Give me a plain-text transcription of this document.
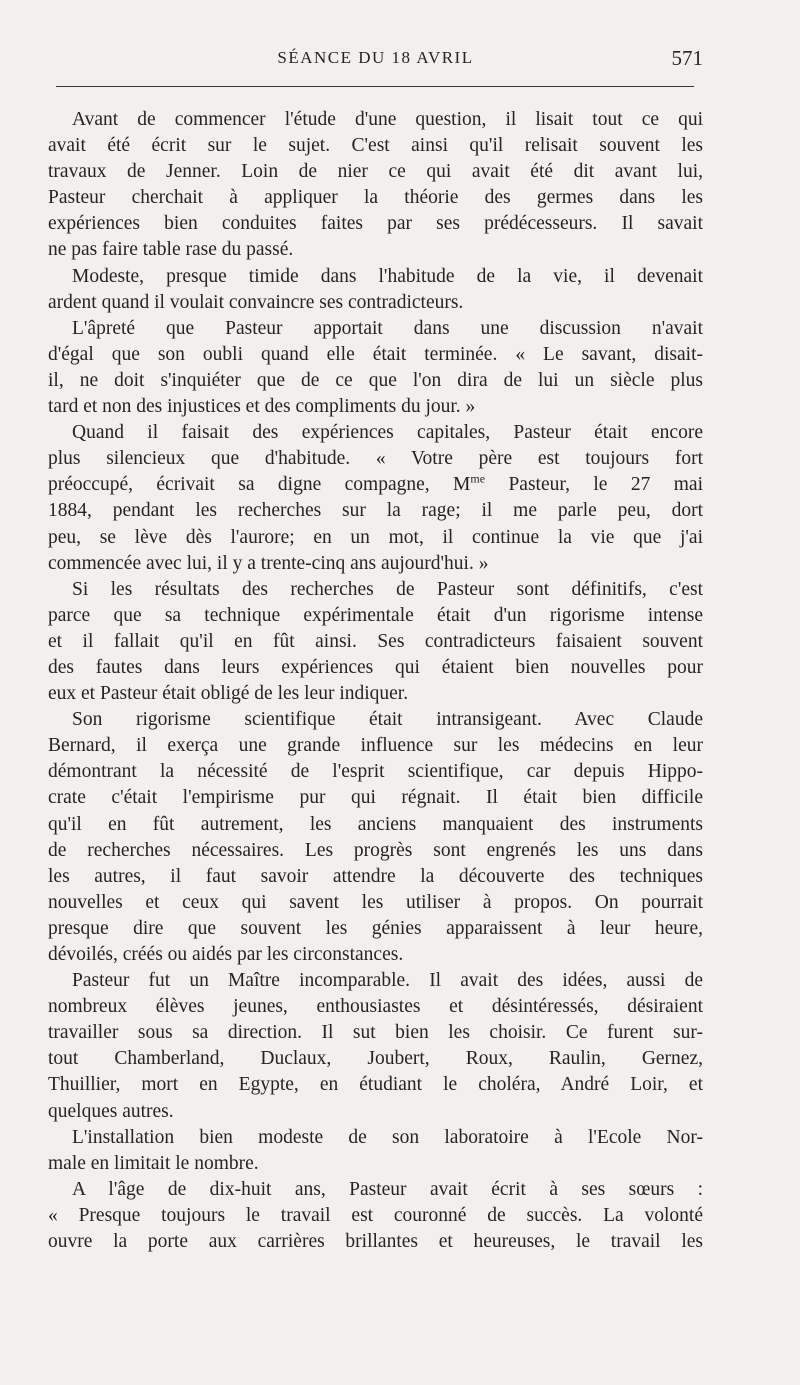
SÉANCE DU 18 AVRIL	571
Avant de commencer l'étude d'une question, il lisait tout ce qui
avait été écrit sur le sujet. C'est ainsi qu'il relisait souvent les
travaux de Jenner. Loin de nier ce qui avait été dit avant lui,
Pasteur cherchait à appliquer la théorie des germes dans les
expériences bien conduites faites par ses prédécesseurs. Il savait
ne pas faire table rase du passé.
Modeste, presque timide dans l'habitude de la vie, il devenait
ardent quand il voulait convaincre ses contradicteurs.
L'âpreté que Pasteur apportait dans une discussion n'avait
d'égal que son oubli quand elle était terminée. « Le savant, disait-
il, ne doit s'inquiéter que de ce que l'on dira de lui un siècle plus
tard et non des injustices et des compliments du jour. »
Quand il faisait des expériences capitales, Pasteur était encore
plus silencieux que d'habitude. « Votre père est toujours fort
préoccupé, écrivait sa digne compagne, $M^{me}$ Pasteur, le 27 mai
1884, pendant les recherches sur la rage; il me parle peu, dort
peu, se lève dès l'aurore; en un mot, il continue la vie que j'ai
commencée avec lui, il y a trente-cinq ans aujourd'hui. »
Si les résultats des recherches de Pasteur sont définitifs, c'est
parce que sa technique expérimentale était d'un rigorisme intense
et il fallait qu'il en fût ainsi. Ses contradicteurs faisaient souvent
des fautes dans leurs expériences qui étaient bien nouvelles pour
eux et Pasteur était obligé de les leur indiquer.
Son rigorisme scientifique était intransigeant. Avec Claude
Bernard, il exerça une grande influence sur les médecins en leur
démontrant la nécessité de l'esprit scientifique, car depuis Hippo-
crate c'était l'empirisme pur qui régnait. Il était bien difficile
qu'il en fût autrement, les anciens manquaient des instruments
de recherches nécessaires. Les progrès sont engrenés les uns dans
les autres, il faut savoir attendre la découverte des techniques
nouvelles et ceux qui savent les utiliser à propos. On pourrait
presque dire que souvent les génies apparaissent à leur heure,
dévoilés, créés ou aidés par les circonstances.
Pasteur fut un Maître incomparable. Il avait des idées, aussi de
nombreux élèves jeunes, enthousiastes et désintéressés, désiraient
travailler sous sa direction. Il sut bien les choisir. Ce furent sur-
tout Chamberland, Duclaux, Joubert, Roux, Raulin, Gernez,
Thuillier, mort en Egypte, en étudiant le choléra, André Loir, et
quelques autres.
L'installation bien modeste de son laboratoire à l'Ecole Nor-
male en limitait le nombre.
A l'âge de dix-huit ans, Pasteur avait écrit à ses sœurs :
« Presque toujours le travail est couronné de succès. La volonté
ouvre la porte aux carrières brillantes et heureuses, le travail les
